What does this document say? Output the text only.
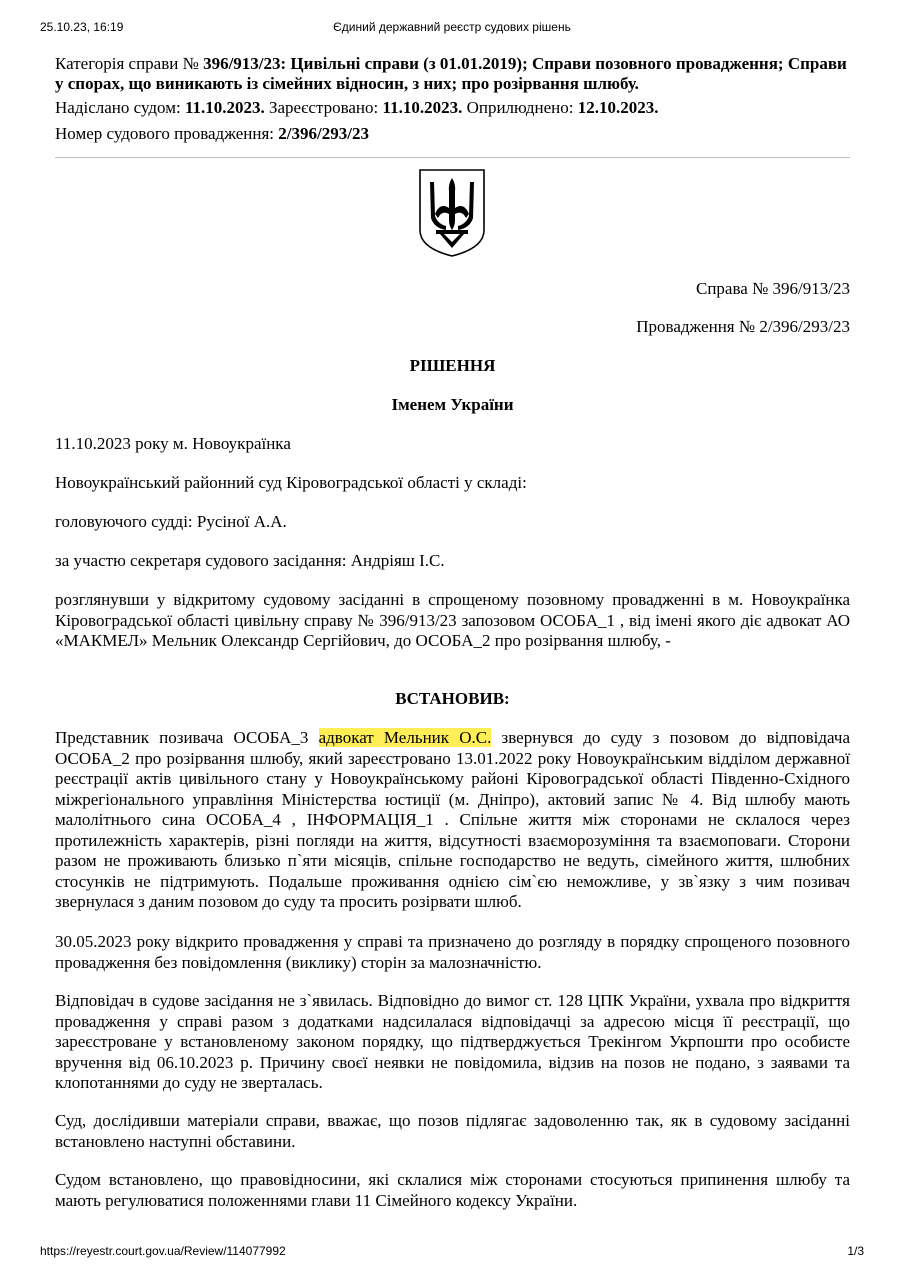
25.10.23, 16:19	Єдиний державний реєстр судових рішень
Категорія справи № 396/913/23: Цивільні справи (з 01.01.2019); Справи позовного провадження; Справи у спорах, що виникають із сімейних відносин, з них; про розірвання шлюбу.
Надіслано судом: 11.10.2023. Зареєстровано: 11.10.2023. Оприлюднено: 12.10.2023.
Номер судового провадження: 2/396/293/23
Справа № 396/913/23
Провадження № 2/396/293/23
РІШЕННЯ
Іменем України
11.10.2023 року м. Новоукраїнка
Новоукраїнський районний суд Кіровоградської області у складі:
головуючого судді: Русіної А.А.
за участю секретаря судового засідання: Андріяш І.С.

розглянувши у відкритому судовому засіданні в спрощеному позовному провадженні в м. Новоукраїнка Кіровоградської області цивільну справу № 396/913/23 запозовом ОСОБА_1 , від імені якого діє адвокат АО «МАКМЕЛ» Мельник Олександр Сергійович, до ОСОБА_2 про розірвання шлюбу, -

ВСТАНОВИВ:

Представник позивача ОСОБА_3 адвокат Мельник О.С. звернувся до суду з позовом до відповідача ОСОБА_2 про розірвання шлюбу, який зареєстровано 13.01.2022 року Новоукраїнським відділом державної реєстрації актів цивільного стану у Новоукраїнському районі Кіровоградської області Південно-Східного міжрегіонального управління Міністерства юстиції (м. Дніпро), актовий запис № 4. Від шлюбу мають малолітнього сина ОСОБА_4 , ІНФОРМАЦІЯ_1 . Спільне життя між сторонами не склалося через протилежність характерів, різні погляди на життя, відсутності взаєморозуміння та взаємоповаги. Сторони разом не проживають близько п`яти місяців, спільне господарство не ведуть, сімейного життя, шлюбних стосунків не підтримують. Подальше проживання однією сім`єю неможливе, у зв`язку з чим позивач звернулася з даним позовом до суду та просить розірвати шлюб.

30.05.2023 року відкрито провадження у справі та призначено до розгляду в порядку спрощеного позовного провадження без повідомлення (виклику) сторін за малозначністю.

Відповідач в судове засідання не з`явилась. Відповідно до вимог ст. 128 ЦПК України, ухвала про відкриття провадження у справі разом з додатками надсилалася відповідачці за адресою місця її реєстрації, що зареєстроване у встановленому законом порядку, що підтверджується Трекінгом Укрпошти про особисте вручення від 06.10.2023 р. Причину своєї неявки не повідомила, відзив на позов не подано, з заявами та клопотаннями до суду не зверталась.

Суд, дослідивши матеріали справи, вважає, що позов підлягає задоволенню так, як в судовому засіданні встановлено наступні обставини.

Судом встановлено, що правовідносини, які склалися між сторонами стосуються припинення шлюбу та мають регулюватися положеннями глави 11 Сімейного кодексу України.

https://reyestr.court.gov.ua/Review/114077992	1/3
